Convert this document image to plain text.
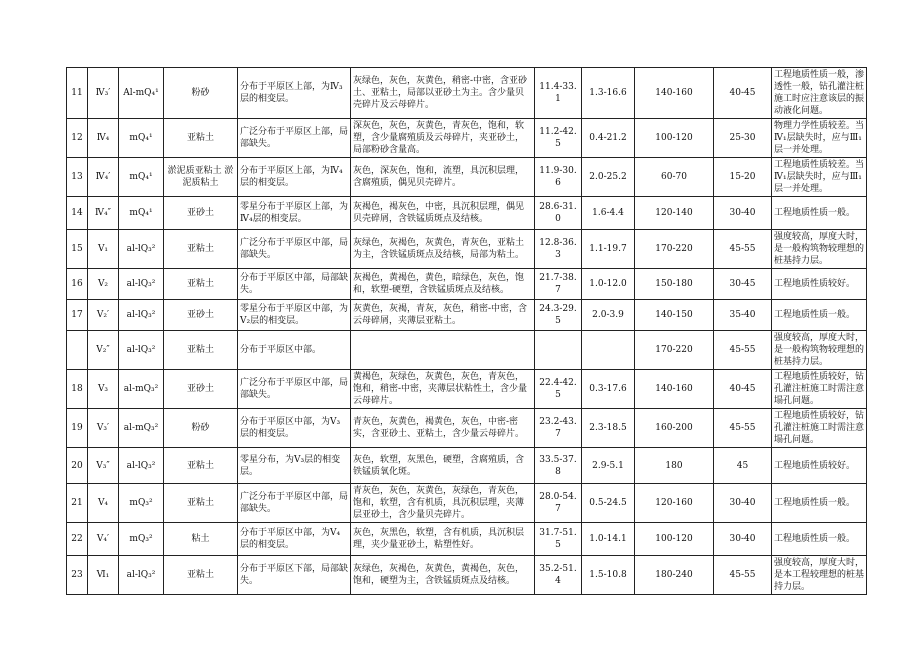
11	Ⅳ₃′	Al-mQ₄¹	粉砂	分布于平原区上部，为Ⅳ₃层的相变层。	灰绿色，灰色，灰黄色，稍密-中密，含亚砂土、亚粘土，局部以亚砂土为主。含少量贝壳碎片及云母碎片。	11.4-33.1	1.3-16.6	140-160	40-45	工程地质性质一般，渗透性一般，钻孔灌注桩施工时应注意该层的振动液化问题。
12	Ⅳ₄	mQ₄¹	亚粘土	广泛分布于平原区上部，局部缺失。	深灰色，灰色，灰黄色，青灰色，饱和，软塑，含少量腐殖质及云母碎片，夹亚砂土，局部粉砂含量高。	11.2-42.5	0.4-21.2	100-120	25-30	物理力学性质较差。当Ⅳ₁层缺失时，应与Ⅲ₁层一并处理。
13	Ⅳ₄′	mQ₄¹	淤泥质亚粘土 淤泥质粘土	分布于平原区上部，为Ⅳ₄层的相变层。	灰色，深灰色，饱和，流塑，具沉积层理，含腐殖质，偶见贝壳碎片。	11.9-30.6	2.0-25.2	60-70	15-20	工程地质性质较差。当Ⅳ₁层缺失时，应与Ⅲ₁层一并处理。
14	Ⅳ₄″	mQ₄¹	亚砂土	零星分布于平原区上部，为Ⅳ₄层的相变层。	灰褐色，褐灰色，中密，具沉积层理，偶见贝壳碎屑，含铁锰质斑点及结核。	28.6-31.0	1.6-4.4	120-140	30-40	工程地质性质一般。
15	Ⅴ₁	al-lQ₃²	亚粘土	广泛分布于平原区中部，局部缺失。	灰绿色，灰褐色，灰黄色，青灰色，亚粘土为主，含铁锰质斑点及结核，局部为粘土。	12.8-36.3	1.1-19.7	170-220	45-55	强度较高，厚度大时，是一般构筑物较理想的桩基持力层。
16	Ⅴ₂	al-lQ₃²	亚粘土	分布于平原区中部，局部缺失。	灰褐色，黄褐色，黄色，暗绿色，灰色，饱和，软塑-硬塑，含铁锰质斑点及结核。	21.7-38.7	1.0-12.0	150-180	30-45	工程地质性质较好。
17	Ⅴ₂′	al-lQ₃²	亚砂土	零星分布于平原区中部，为Ⅴ₂层的相变层。	灰黄色，灰褐，青灰，灰色，稍密-中密，含云母碎屑，夹薄层亚粘土。	24.3-29.5	2.0-3.9	140-150	35-40	工程地质性质一般。
	Ⅴ₂″	al-lQ₃²	亚粘土	分布于平原区中部。				170-220	45-55	强度较高，厚度大时，是一般构筑物较理想的桩基持力层。
18	Ⅴ₃	al-mQ₃²	亚砂土	广泛分布于平原区中部，局部缺失。	黄褐色，灰绿色，灰黄色，灰色，青灰色，饱和，稍密-中密，夹薄层状粘性土，含少量云母碎片。	22.4-42.5	0.3-17.6	140-160	40-45	工程地质性质较好，钻孔灌注桩施工时需注意塌孔问题。
19	Ⅴ₃′	al-mQ₃²	粉砂	分布于平原区中部，为Ⅴ₃层的相变层。	青灰色，灰黄色，褐黄色，灰色，中密-密实，含亚砂土、亚粘土，含少量云母碎片。	23.2-43.7	2.3-18.5	160-200	45-55	工程地质性质较好，钻孔灌注桩施工时需注意塌孔问题。
20	Ⅴ₃″	al-lQ₃²	亚粘土	零星分布，为Ⅴ₃层的相变层。	灰色，软塑，灰黑色，硬塑，含腐殖质，含铁锰质氧化斑。	33.5-37.8	2.9-5.1	180	45	工程地质性质较好。
21	Ⅴ₄	mQ₃²	亚粘土	广泛分布于平原区中部，局部缺失。	青灰色，灰色，灰黄色，灰绿色，青灰色，饱和，软塑，含有机质，具沉积层理，夹薄层亚砂土，含少量贝壳碎片。	28.0-54.7	0.5-24.5	120-160	30-40	工程地质性质一般。
22	Ⅴ₄′	mQ₃²	粘土	分布于平原区中部，为Ⅴ₄层的相变层。	灰色，灰黑色，软塑，含有机质，具沉积层理，夹少量亚砂土，粘塑性好。	31.7-51.5	1.0-14.1	100-120	30-40	工程地质性质一般。
23	Ⅵ₁	al-lQ₃²	亚粘土	分布于平原区下部，局部缺失。	灰绿色，灰褐色，灰黄色，黄褐色，灰色，饱和，硬塑为主，含铁锰质斑点及结核。	35.2-51.4	1.5-10.8	180-240	45-55	强度较高，厚度大时，是本工程较理想的桩基持力层。
